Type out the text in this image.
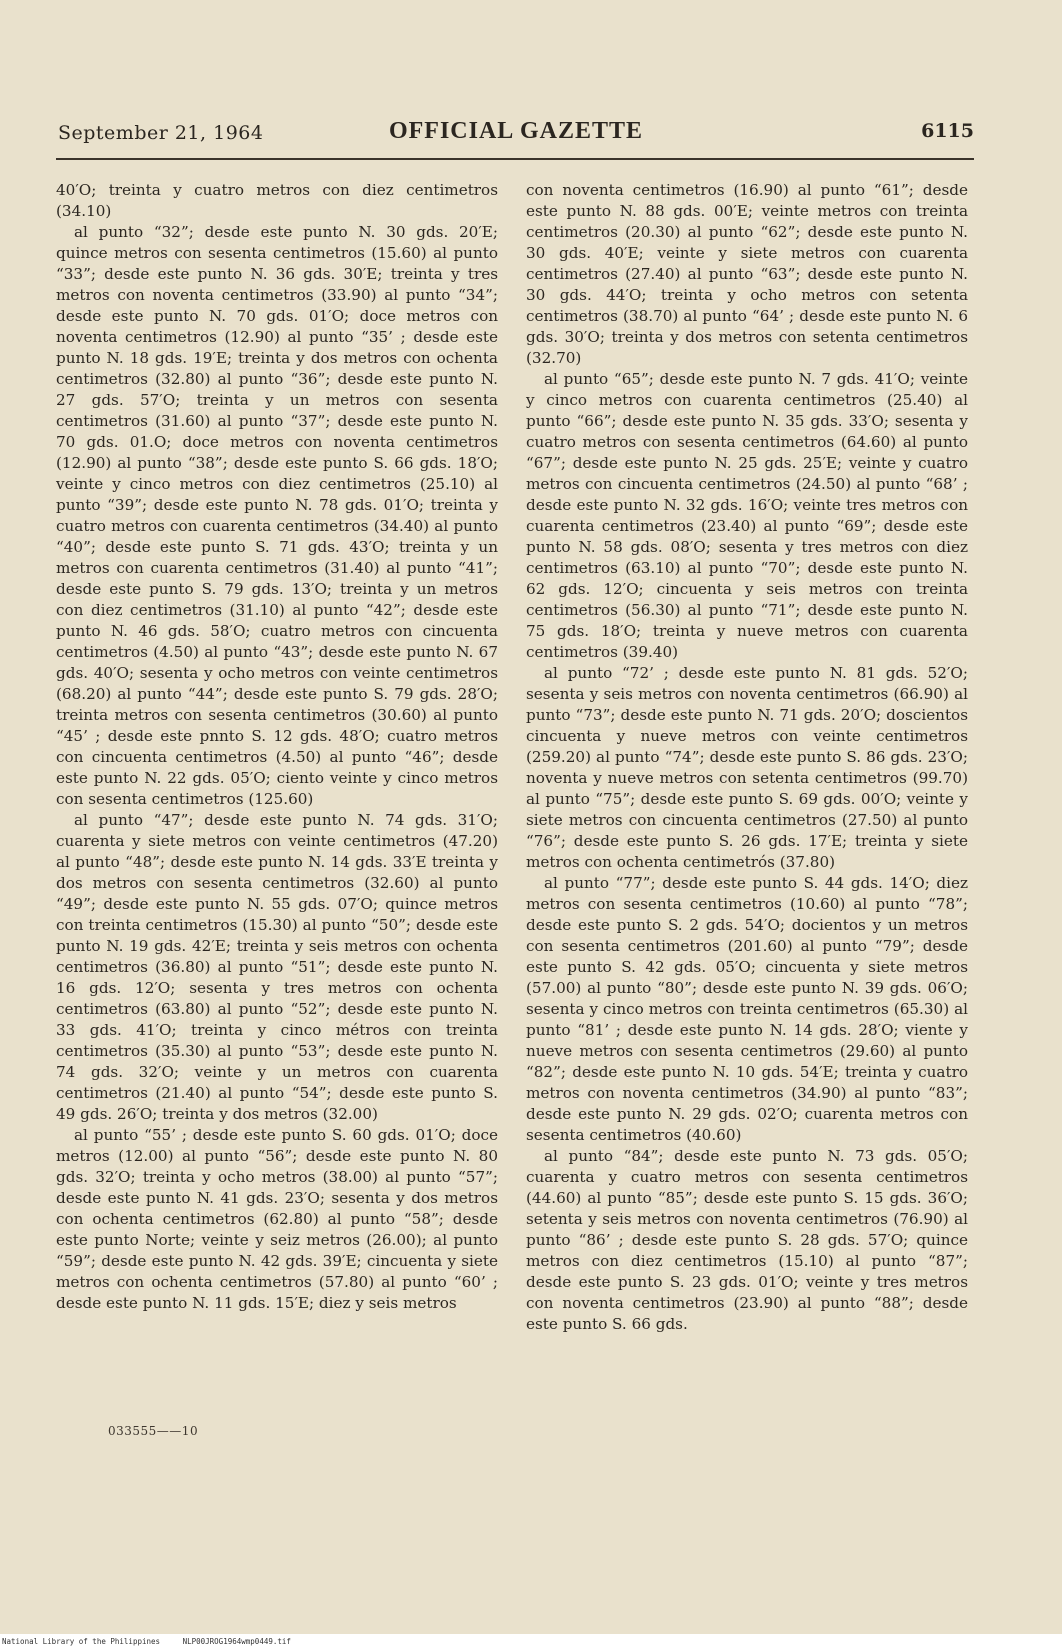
September 21, 1964	OFFICIAL GAZETTE	6115

40′O; treinta y cuatro metros con diez centimetros (34.10)

al punto “32”; desde este punto N. 30 gds. 20′E; quince metros con sesenta centimetros (15.60) al punto “33”; desde este punto N. 36 gds. 30′E; treinta y tres metros con noventa centimetros (33.90) al punto “34”; desde este punto N. 70 gds. 01′O; doce metros con noventa centimetros (12.90) al punto “35’ ; desde este punto N. 18 gds. 19′E; treinta y dos metros con ochenta centimetros (32.80) al punto “36”; desde este punto N. 27 gds. 57′O; treinta y un metros con sesenta centimetros (31.60) al punto “37”; desde este punto N. 70 gds. 01.O; doce metros con noventa centimetros (12.90) al punto “38”; desde este punto S. 66 gds. 18′O; veinte y cinco metros con diez centimetros (25.10) al punto “39”; desde este punto N. 78 gds. 01′O; treinta y cuatro metros con cuarenta centimetros (34.40) al punto “40”; desde este punto S. 71 gds. 43′O; treinta y un metros con cuarenta centimetros (31.40) al punto “41”; desde este punto S. 79 gds. 13′O; treinta y un metros con diez centimetros (31.10) al punto “42”; desde este punto N. 46 gds. 58′O; cuatro metros con cincuenta centimetros (4.50) al punto “43”; desde este punto N. 67 gds. 40′O; sesenta y ocho metros con veinte centimetros (68.20) al punto “44”; desde este punto S. 79 gds. 28′O; treinta metros con sesenta centimetros (30.60) al punto “45’ ; desde este pnnto S. 12 gds. 48′O; cuatro metros con cincuenta centimetros (4.50) al punto “46”; desde este punto N. 22 gds. 05′O; ciento veinte y cinco metros con sesenta centimetros (125.60)

al punto “47”; desde este punto N. 74 gds. 31′O; cuarenta y siete metros con veinte centimetros (47.20) al punto “48”; desde este punto N. 14 gds. 33′E treinta y dos metros con sesenta centimetros (32.60) al punto “49”; desde este punto N. 55 gds. 07′O; quince metros con treinta centimetros (15.30) al punto “50”; desde este punto N. 19 gds. 42′E; treinta y seis metros con ochenta centimetros (36.80) al punto “51”; desde este punto N. 16 gds. 12′O; sesenta y tres metros con ochenta centimetros (63.80) al punto “52”; desde este punto N. 33 gds. 41′O; treinta y cinco métros con treinta centimetros (35.30) al punto “53”; desde este punto N. 74 gds. 32′O; veinte y un metros con cuarenta centimetros (21.40) al punto “54”; desde este punto S. 49 gds. 26′O; treinta y dos metros (32.00)

al punto “55’ ; desde este punto S. 60 gds. 01′O; doce metros (12.00) al punto “56”; desde este punto N. 80 gds. 32′O; treinta y ocho metros (38.00) al punto “57”; desde este punto N. 41 gds. 23′O; sesenta y dos metros con ochenta centimetros (62.80) al punto “58”; desde este punto Norte; veinte y seiz metros (26.00); al punto “59”; desde este punto N. 42 gds. 39′E; cincuenta y siete metros con ochenta centimetros (57.80) al punto “60’ ; desde este punto N. 11 gds. 15′E; diez y seis metros

con noventa centimetros (16.90) al punto “61”; desde este punto N. 88 gds. 00′E; veinte metros con treinta centimetros (20.30) al punto “62”; desde este punto N. 30 gds. 40′E; veinte y siete metros con cuarenta centimetros (27.40) al punto “63”; desde este punto N. 30 gds. 44′O; treinta y ocho metros con setenta centimetros (38.70) al punto “64’ ; desde este punto N. 6 gds. 30′O; treinta y dos metros con setenta centimetros (32.70)

al punto “65”; desde este punto N. 7 gds. 41′O; veinte y cinco metros con cuarenta centimetros (25.40) al punto “66”; desde este punto N. 35 gds. 33′O; sesenta y cuatro metros con sesenta centimetros (64.60) al punto “67”; desde este punto N. 25 gds. 25′E; veinte y cuatro metros con cincuenta centimetros (24.50) al punto “68’ ; desde este punto N. 32 gds. 16′O; veinte tres metros con cuarenta centimetros (23.40) al punto “69”; desde este punto N. 58 gds. 08′O; sesenta y tres metros con diez centimetros (63.10) al punto “70”; desde este punto N. 62 gds. 12′O; cincuenta y seis metros con treinta centimetros (56.30) al punto “71”; desde este punto N. 75 gds. 18′O; treinta y nueve metros con cuarenta centimetros (39.40)

al punto “72’ ; desde este punto N. 81 gds. 52′O; sesenta y seis metros con noventa centimetros (66.90) al punto “73”; desde este punto N. 71 gds. 20′O; doscientos cincuenta y nueve metros con veinte centimetros (259.20) al punto “74”; desde este punto S. 86 gds. 23′O; noventa y nueve metros con setenta centimetros (99.70) al punto “75”; desde este punto S. 69 gds. 00′O; veinte y siete metros con cincuenta centimetros (27.50) al punto “76”; desde este punto S. 26 gds. 17′E; treinta y siete metros con ochenta centimetrós (37.80)

al punto “77”; desde este punto S. 44 gds. 14′O; diez metros con sesenta centimetros (10.60) al punto “78”; desde este punto S. 2 gds. 54′O; docientos y un metros con sesenta centimetros (201.60) al punto “79”; desde este punto S. 42 gds. 05′O; cincuenta y siete metros (57.00) al punto “80”; desde este punto N. 39 gds. 06′O; sesenta y cinco metros con treinta centimetros (65.30) al punto “81’ ; desde este punto N. 14 gds. 28′O; viente y nueve metros con sesenta centimetros (29.60) al punto “82”; desde este punto N. 10 gds. 54′E; treinta y cuatro metros con noventa centimetros (34.90) al punto “83”; desde este punto N. 29 gds. 02′O; cuarenta metros con sesenta centimetros (40.60)

al punto “84”; desde este punto N. 73 gds. 05′O; cuarenta y cuatro metros con sesenta centimetros (44.60) al punto “85”; desde este punto S. 15 gds. 36′O; setenta y seis metros con noventa centimetros (76.90) al punto “86’ ; desde este punto S. 28 gds. 57′O; quince metros con diez centimetros (15.10) al punto “87”; desde este punto S. 23 gds. 01′O; veinte y tres metros con noventa centimetros (23.90) al punto “88”; desde este punto S. 66 gds.

033555——10
National Library of the Philippines	NLP00JROG1964wmp0449.tif
